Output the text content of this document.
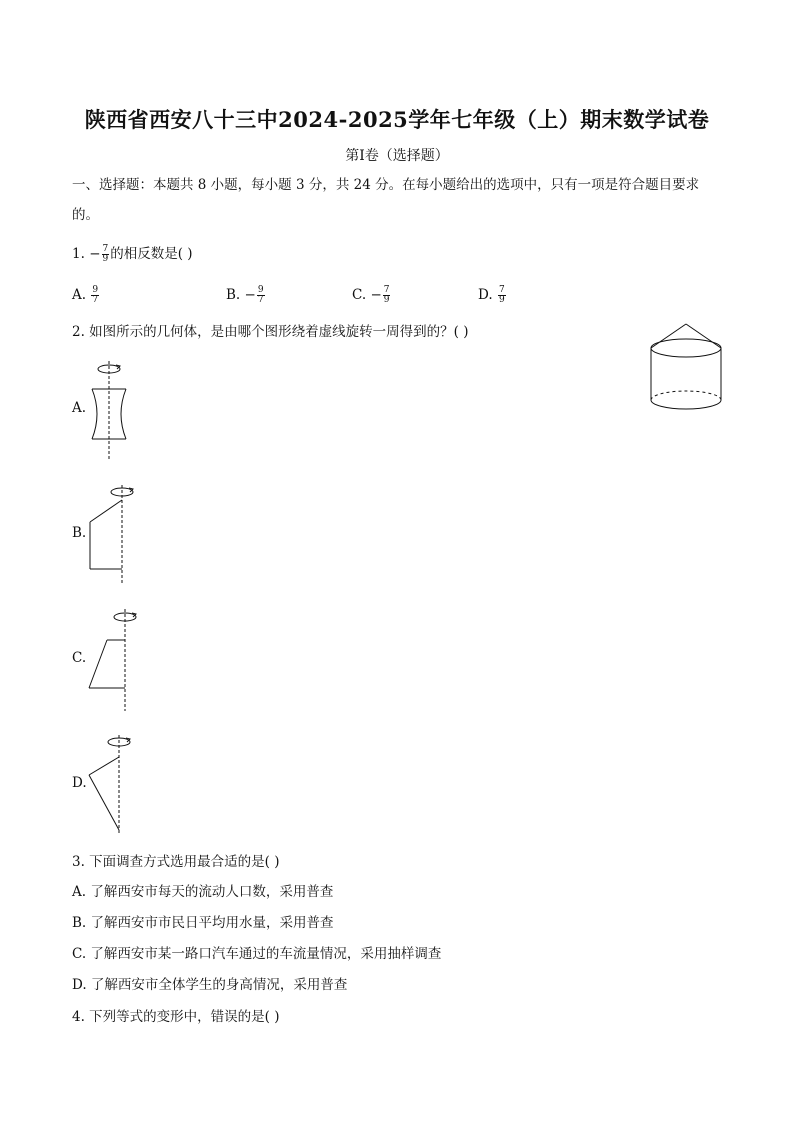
陕西省西安八十三中2024-2025学年七年级（上）期末数学试卷
第I卷（选择题）
一、选择题：本题共 8 小题，每小题 3 分，共 24 分。在每小题给出的选项中，只有一项是符合题目要求
的。
1. − $\frac{7}{9}$ 的相反数是( )
A. $\frac{9}{7}$	B. − $\frac{9}{7}$	C. − $\frac{7}{9}$	D. $\frac{7}{9}$
2. 如图所示的几何体，是由哪个图形绕着虚线旋转一周得到的？( )
A.
B.
C.
D.
3. 下面调查方式选用最合适的是( )
A. 了解西安市每天的流动人口数，采用普查
B. 了解西安市市民日平均用水量，采用普查
C. 了解西安市某一路口汽车通过的车流量情况，采用抽样调查
D. 了解西安市全体学生的身高情况，采用普查
4. 下列等式的变形中，错误的是( )
